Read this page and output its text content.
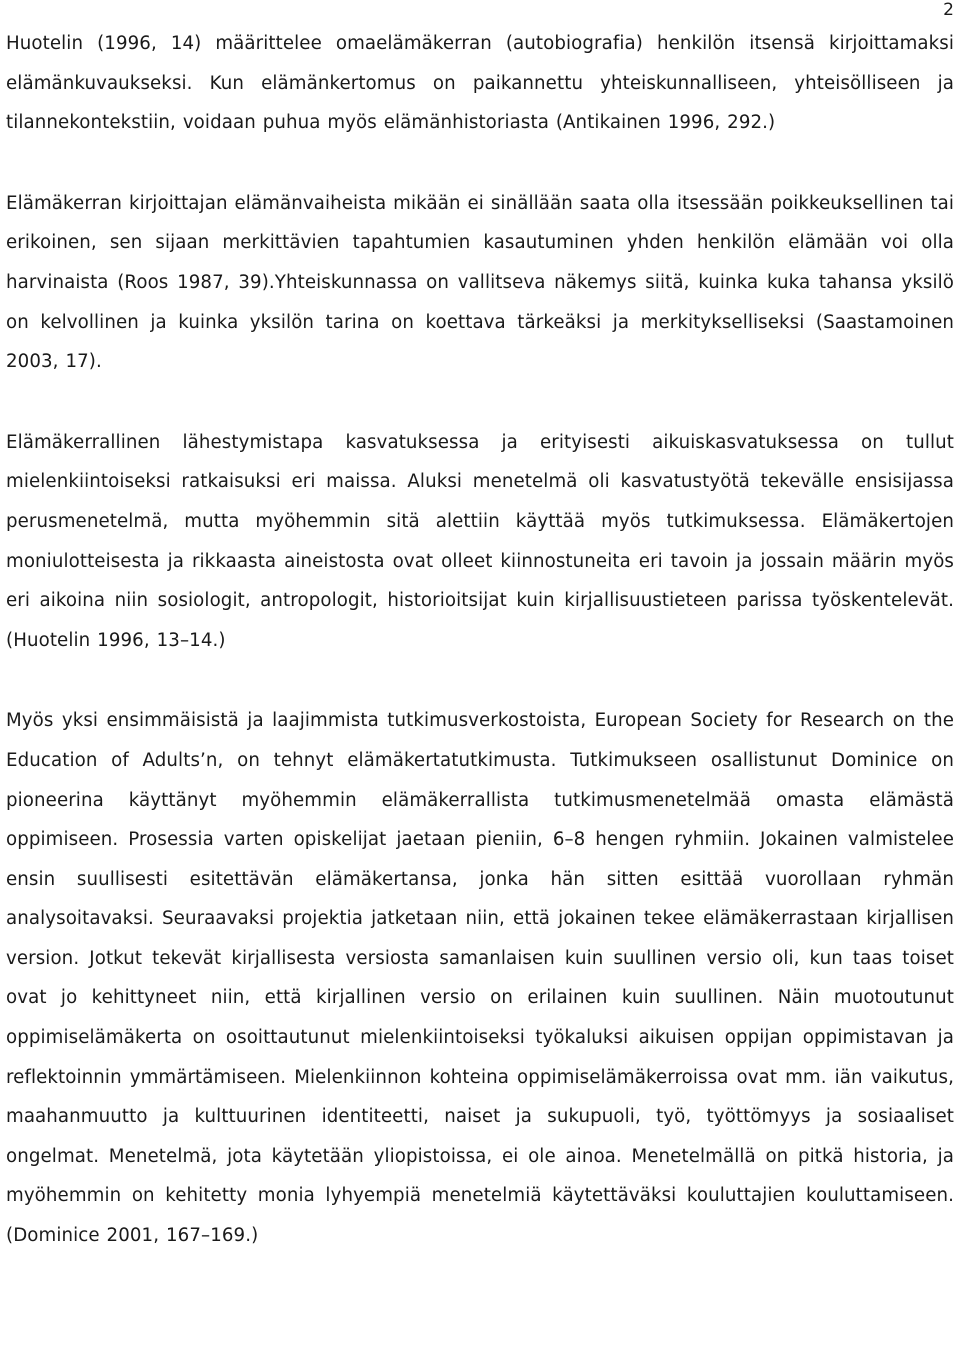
2

Huotelin (1996, 14) määrittelee omaelämäkerran (autobiografia) henkilön itsensä kirjoittamaksi elämänkuvaukseksi. Kun elämänkertomus on paikannettu yhteiskunnalliseen, yhteisölliseen ja tilannekontekstiin, voidaan puhua myös elämänhistoriasta (Antikainen 1996, 292.)

Elämäkerran kirjoittajan elämänvaiheista mikään ei sinällään saata olla itsessään poikkeuksellinen tai erikoinen, sen sijaan merkittävien tapahtumien kasautuminen yhden henkilön elämään voi olla harvinaista (Roos 1987, 39).Yhteiskunnassa on vallitseva näkemys siitä, kuinka kuka tahansa yksilö on kelvollinen ja kuinka yksilön tarina on koettava tärkeäksi ja merkitykselliseksi (Saastamoinen 2003, 17).

Elämäkerrallinen lähestymistapa kasvatuksessa ja erityisesti aikuiskasvatuksessa on tullut mielenkiintoiseksi ratkaisuksi eri maissa. Aluksi menetelmä oli kasvatustyötä tekevälle ensisijassa perusmenetelmä, mutta myöhemmin sitä alettiin käyttää myös tutkimuksessa. Elämäkertojen moniulotteisesta ja rikkaasta aineistosta ovat olleet kiinnostuneita eri tavoin ja jossain määrin myös eri aikoina niin sosiologit, antropologit, historioitsijat kuin kirjallisuustieteen parissa työskentelevät. (Huotelin 1996, 13–14.)

Myös yksi ensimmäisistä ja laajimmista tutkimusverkostoista, European Society for Research on the Education of Adults’n, on tehnyt elämäkertatutkimusta. Tutkimukseen osallistunut Dominice on pioneerina käyttänyt myöhemmin elämäkerrallista tutkimusmenetelmää omasta elämästä oppimiseen. Prosessia varten opiskelijat jaetaan pieniin, 6–8 hengen ryhmiin. Jokainen valmistelee ensin suullisesti esitettävän elämäkertansa, jonka hän sitten esittää vuorollaan ryhmän analysoitavaksi. Seuraavaksi projektia jatketaan niin, että jokainen tekee elämäkerrastaan kirjallisen version. Jotkut tekevät kirjallisesta versiosta samanlaisen kuin suullinen versio oli, kun taas toiset ovat jo kehittyneet niin, että kirjallinen versio on erilainen kuin suullinen. Näin muotoutunut oppimiselämäkerta on osoittautunut mielenkiintoiseksi työkaluksi aikuisen oppijan oppimistavan ja reflektoinnin ymmärtämiseen. Mielenkiinnon kohteina oppimiselämäkerroissa ovat mm. iän vaikutus, maahanmuutto ja kulttuurinen identiteetti, naiset ja sukupuoli, työ, työttömyys ja sosiaaliset ongelmat. Menetelmä, jota käytetään yliopistoissa, ei ole ainoa. Menetelmällä on pitkä historia, ja myöhemmin on kehitetty monia lyhyempiä menetelmiä käytettäväksi kouluttajien kouluttamiseen. (Dominice 2001, 167–169.)
